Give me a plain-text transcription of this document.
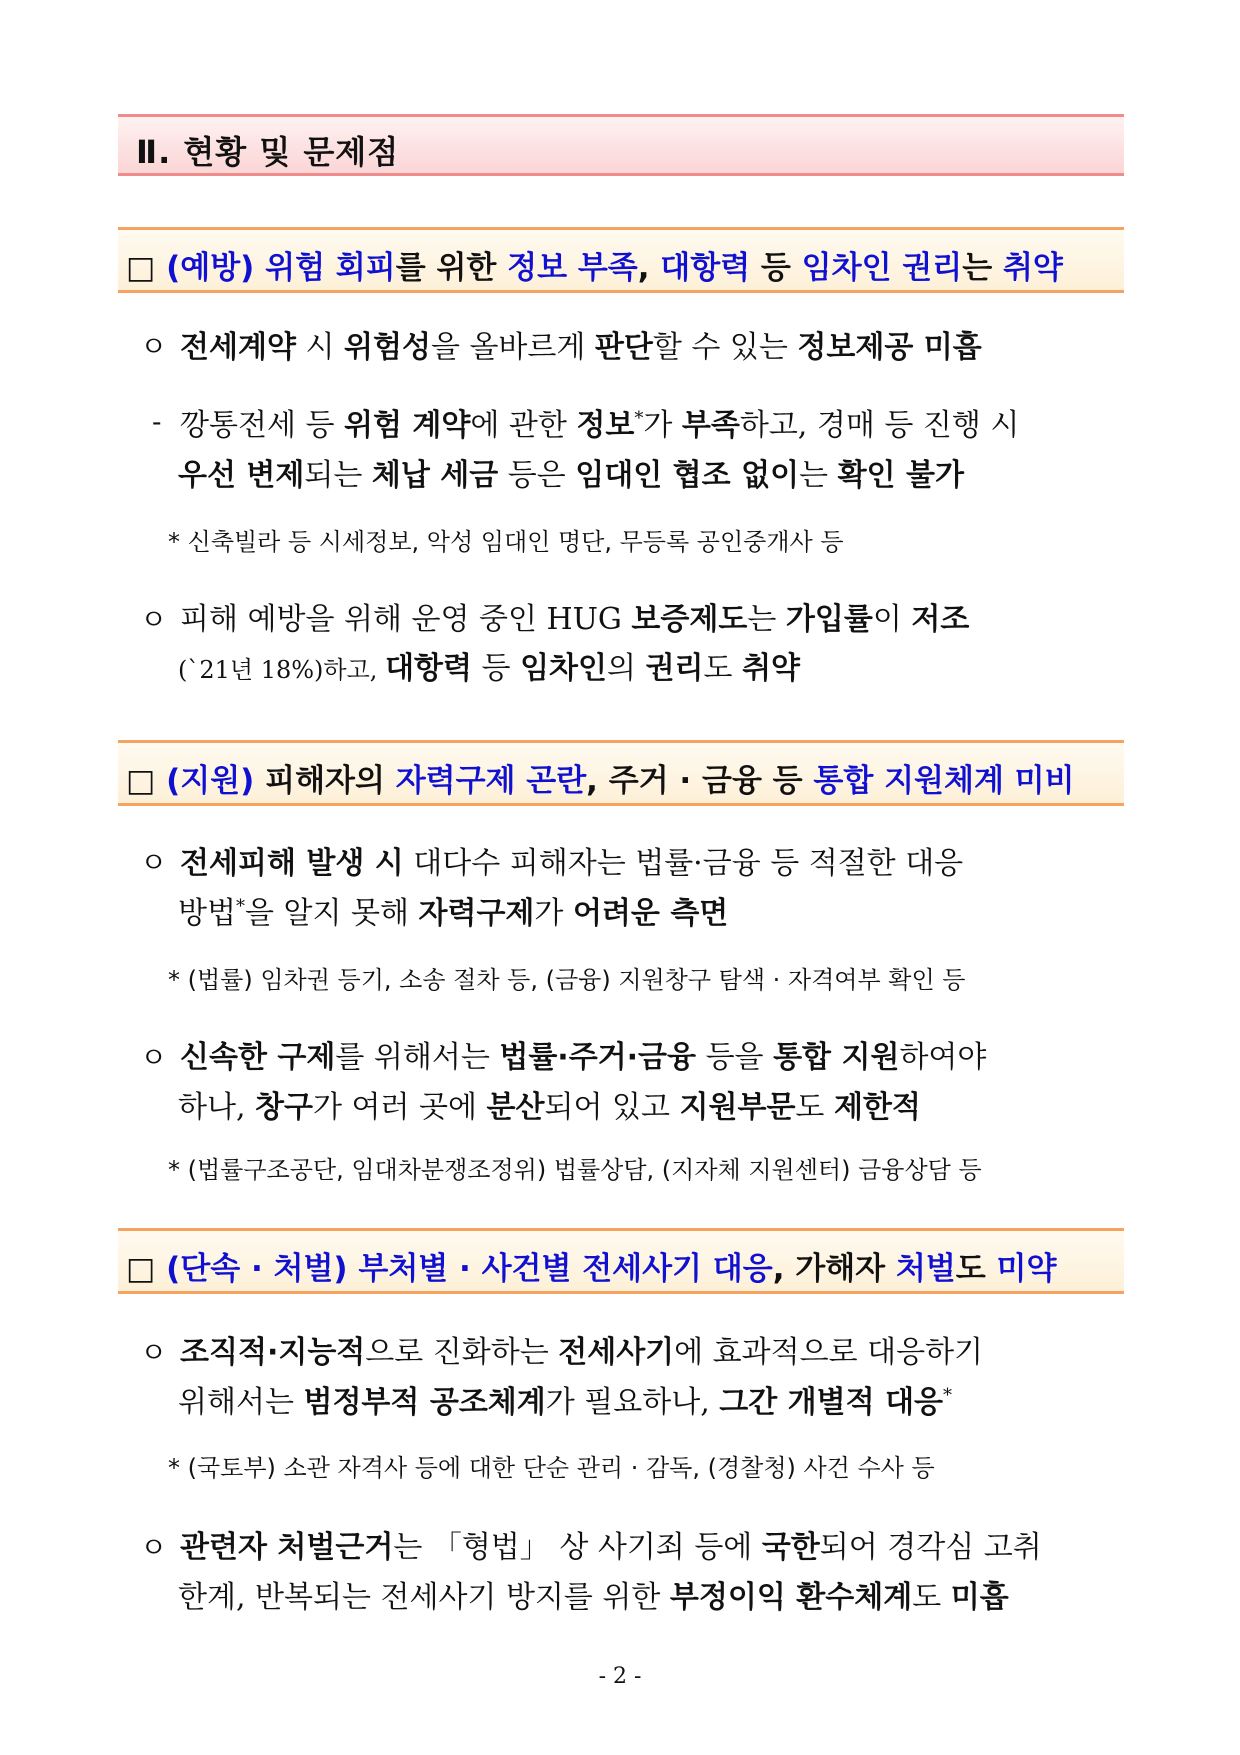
Ⅱ. 현황 및 문제점
□ (예방) 위험 회피를 위한 정보 부족, 대항력 등 임차인 권리는 취약
ㅇ 전세계약 시 위험성을 올바르게 판단할 수 있는 정보제공 미흡
- 깡통전세 등 위험 계약에 관한 정보*가 부족하고, 경매 등 진행 시
우선 변제되는 체납 세금 등은 임대인 협조 없이는 확인 불가
* 신축빌라 등 시세정보, 악성 임대인 명단, 무등록 공인중개사 등
ㅇ 피해 예방을 위해 운영 중인 HUG 보증제도는 가입률이 저조
(`21년 18%)하고, 대항력 등 임차인의 권리도 취약
□ (지원) 피해자의 자력구제 곤란, 주거 · 금융 등 통합 지원체계 미비
ㅇ 전세피해 발생 시 대다수 피해자는 법률·금융 등 적절한 대응
방법*을 알지 못해 자력구제가 어려운 측면
* (법률) 임차권 등기, 소송 절차 등, (금융) 지원창구 탐색 · 자격여부 확인 등
ㅇ 신속한 구제를 위해서는 법률·주거·금융 등을 통합 지원하여야
하나, 창구가 여러 곳에 분산되어 있고 지원부문도 제한적
* (법률구조공단, 임대차분쟁조정위) 법률상담, (지자체 지원센터) 금융상담 등
□ (단속 · 처벌) 부처별 · 사건별 전세사기 대응, 가해자 처벌도 미약
ㅇ 조직적·지능적으로 진화하는 전세사기에 효과적으로 대응하기
위해서는 범정부적 공조체계가 필요하나, 그간 개별적 대응*
* (국토부) 소관 자격사 등에 대한 단순 관리 · 감독, (경찰청) 사건 수사 등
ㅇ 관련자 처벌근거는 「형법」 상 사기죄 등에 국한되어 경각심 고취
한계, 반복되는 전세사기 방지를 위한 부정이익 환수체계도 미흡
- 2 -
